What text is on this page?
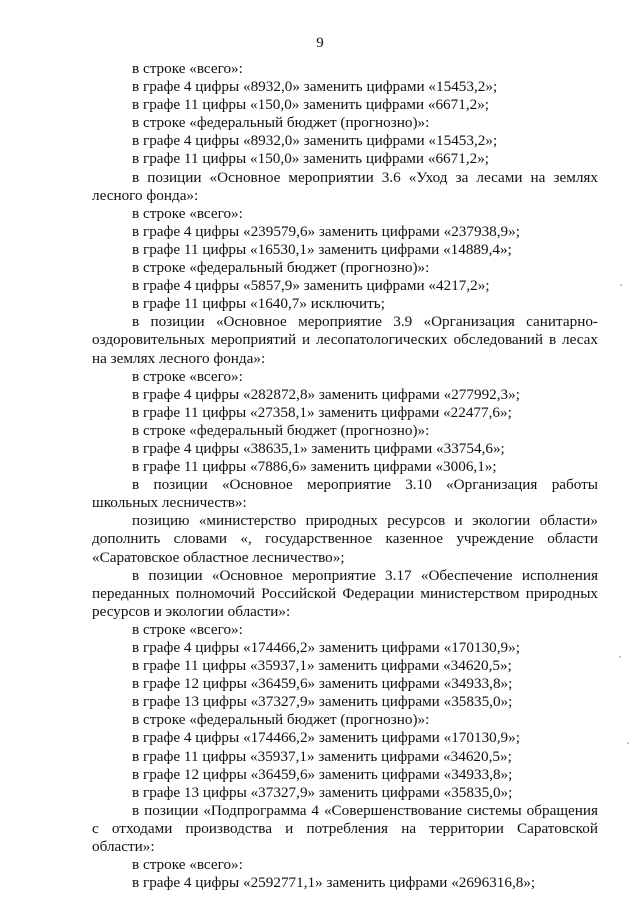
9

в строке «всего»:

в графе 4 цифры «8932,0» заменить цифрами «15453,2»;

в графе 11 цифры «150,0» заменить цифрами «6671,2»;

в строке «федеральный бюджет (прогнозно)»:

в графе 4 цифры «8932,0» заменить цифрами «15453,2»;

в графе 11 цифры «150,0» заменить цифрами «6671,2»;

в позиции «Основное мероприятии 3.6 «Уход за лесами на землях лесного фонда»:

в строке «всего»:

в графе 4 цифры «239579,6» заменить цифрами «237938,9»;

в графе 11 цифры «16530,1» заменить цифрами «14889,4»;

в строке «федеральный бюджет (прогнозно)»:

в графе 4 цифры «5857,9» заменить цифрами «4217,2»;

в графе 11 цифры «1640,7» исключить;

в позиции «Основное мероприятие 3.9 «Организация санитарно-оздоровительных мероприятий и лесопатологических обследований в лесах на землях лесного фонда»:

в строке «всего»:

в графе 4 цифры «282872,8» заменить цифрами «277992,3»;

в графе 11 цифры «27358,1» заменить цифрами «22477,6»;

в строке «федеральный бюджет (прогнозно)»:

в графе 4 цифры «38635,1» заменить цифрами «33754,6»;

в графе 11 цифры «7886,6» заменить цифрами «3006,1»;

в позиции «Основное мероприятие 3.10 «Организация работы школьных лесничеств»:

позицию «министерство природных ресурсов и экологии области» дополнить словами «, государственное казенное учреждение области «Саратовское областное лесничество»;

в позиции «Основное мероприятие 3.17 «Обеспечение исполнения переданных полномочий Российской Федерации министерством природных ресурсов и экологии области»:

в строке «всего»:

в графе 4 цифры «174466,2» заменить цифрами «170130,9»;

в графе 11 цифры «35937,1» заменить цифрами «34620,5»;

в графе 12 цифры «36459,6» заменить цифрами «34933,8»;

в графе 13 цифры «37327,9» заменить цифрами «35835,0»;

в строке «федеральный бюджет (прогнозно)»:

в графе 4 цифры «174466,2» заменить цифрами «170130,9»;

в графе 11 цифры «35937,1» заменить цифрами «34620,5»;

в графе 12 цифры «36459,6» заменить цифрами «34933,8»;

в графе 13 цифры «37327,9» заменить цифрами «35835,0»;

в позиции «Подпрограмма 4 «Совершенствование системы обращения с отходами производства и потребления на территории Саратовской области»:

в строке «всего»:

в графе 4 цифры «2592771,1» заменить цифрами «2696316,8»;
